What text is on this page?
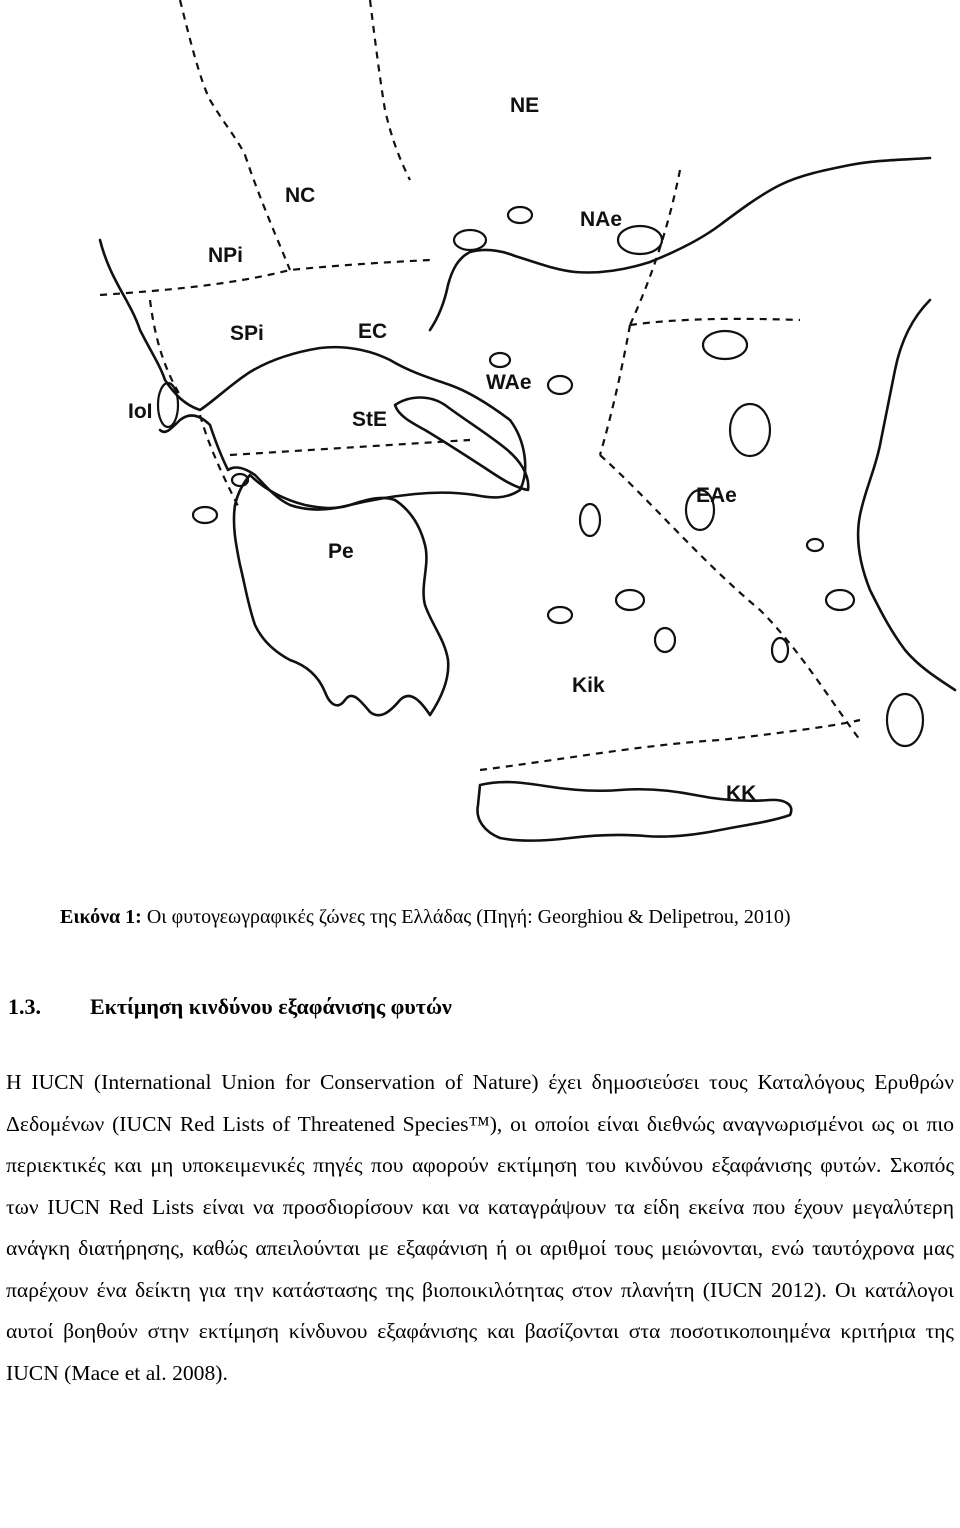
NE
NC
NAe
NPi
SPi	EC
WAe
IoI	StE
EAe
Pe
Kik
KK
Εικόνα 1: Οι φυτογεωγραφικές ζώνες της Ελλάδας (Πηγή: Georghiou & Delipetrou, 2010)
1.3. Εκτίμηση κινδύνου εξαφάνισης φυτών

Η IUCN (International Union for Conservation of Nature) έχει δημοσιεύσει τους Καταλόγους Ερυθρών Δεδομένων (IUCN Red Lists of Threatened Species™), οι οποίοι είναι διεθνώς αναγνωρισμένοι ως οι πιο περιεκτικές και μη υποκειμενικές πηγές που αφορούν εκτίμηση του κινδύνου εξαφάνισης φυτών. Σκοπός των IUCN Red Lists είναι να προσδιορίσουν και να καταγράψουν τα είδη εκείνα που έχουν μεγαλύτερη ανάγκη διατήρησης, καθώς απειλούνται με εξαφάνιση ή οι αριθμοί τους μειώνονται, ενώ ταυτόχρονα μας παρέχουν ένα δείκτη για την κατάστασης της βιοποικιλότητας στον πλανήτη (IUCN 2012). Οι κατάλογοι αυτοί βοηθούν στην εκτίμηση κίνδυνου εξαφάνισης και βασίζονται στα ποσοτικοποιημένα κριτήρια της IUCN (Mace et al. 2008).
